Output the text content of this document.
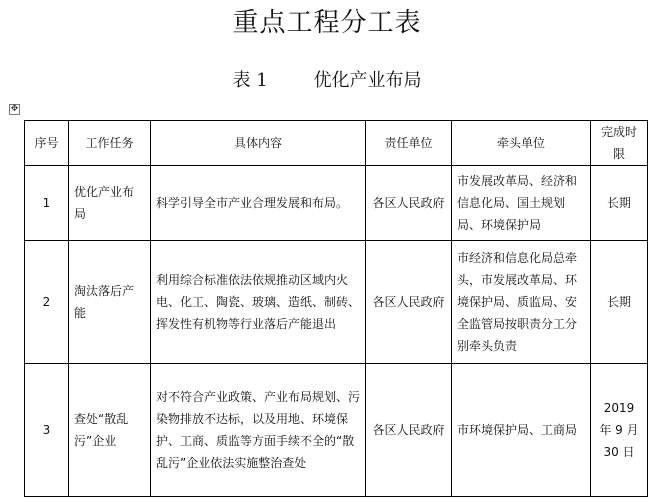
重点工程分工表
表 1	优化产业布局
✥
序号	工作任务	具体内容	责任单位	牵头单位	完成时限
1	优化产业布局	科学引导全市产业合理发展和布局。	各区人民政府	市发展改革局、经济和信息化局、国土规划局、环境保护局	长期
2	淘汰落后产能	利用综合标准依法依规推动区域内火电、化工、陶瓷、玻璃、造纸、制砖、挥发性有机物等行业落后产能退出	各区人民政府	市经济和信息化局总牵头，市发展改革局、环境保护局、质监局、安全监管局按职责分工分别牵头负责	长期
3	查处“散乱污”企业	对不符合产业政策、产业布局规划、污染物排放不达标，以及用地、环境保护、工商、质监等方面手续不全的“散乱污”企业依法实施整治查处	各区人民政府	市环境保护局、工商局	2019 年 9 月 30 日
